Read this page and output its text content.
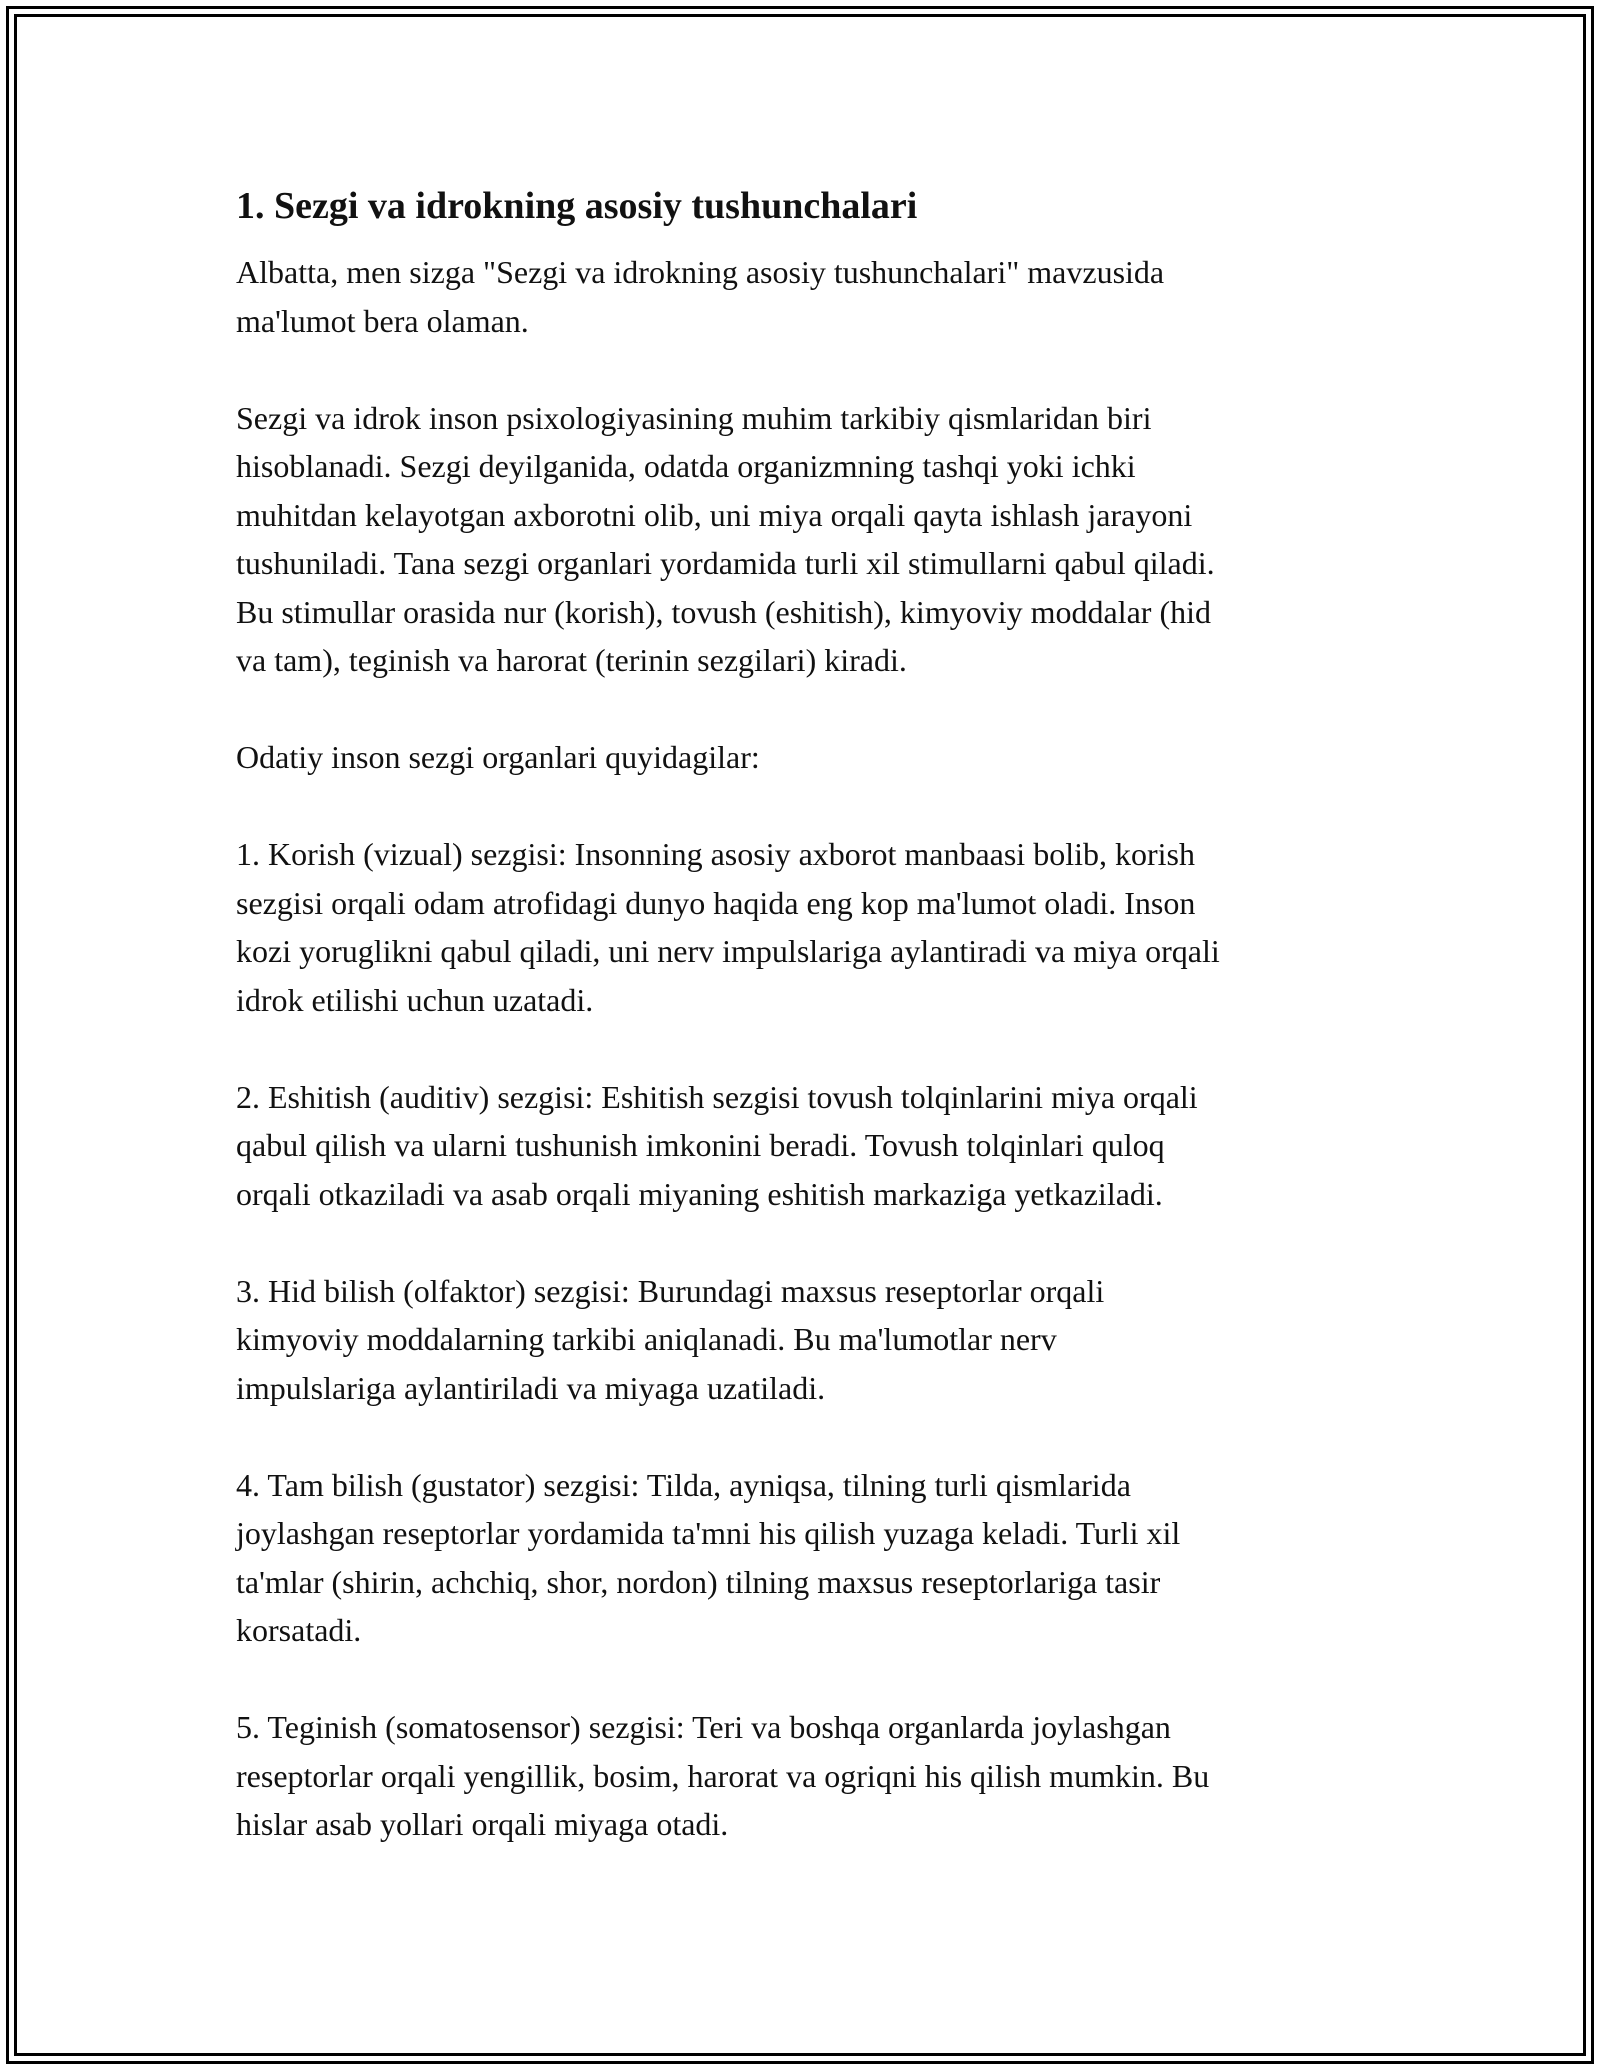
1. Sezgi va idrokning asosiy tushunchalari

Albatta, men sizga "Sezgi va idrokning asosiy tushunchalari" mavzusida
ma'lumot bera olaman.

Sezgi va idrok inson psixologiyasining muhim tarkibiy qismlaridan biri
hisoblanadi. Sezgi deyilganida, odatda organizmning tashqi yoki ichki
muhitdan kelayotgan axborotni olib, uni miya orqali qayta ishlash jarayoni
tushuniladi. Tana sezgi organlari yordamida turli xil stimullarni qabul qiladi.
Bu stimullar orasida nur (korish), tovush (eshitish), kimyoviy moddalar (hid
va tam), teginish va harorat (terinin sezgilari) kiradi.

Odatiy inson sezgi organlari quyidagilar:

1. Korish (vizual) sezgisi: Insonning asosiy axborot manbaasi bolib, korish
sezgisi orqali odam atrofidagi dunyo haqida eng kop ma'lumot oladi. Inson
kozi yoruglikni qabul qiladi, uni nerv impulslariga aylantiradi va miya orqali
idrok etilishi uchun uzatadi.

2. Eshitish (auditiv) sezgisi: Eshitish sezgisi tovush tolqinlarini miya orqali
qabul qilish va ularni tushunish imkonini beradi. Tovush tolqinlari quloq
orqali otkaziladi va asab orqali miyaning eshitish markaziga yetkaziladi.

3. Hid bilish (olfaktor) sezgisi: Burundagi maxsus reseptorlar orqali
kimyoviy moddalarning tarkibi aniqlanadi. Bu ma'lumotlar nerv
impulslariga aylantiriladi va miyaga uzatiladi.

4. Tam bilish (gustator) sezgisi: Tilda, ayniqsa, tilning turli qismlarida
joylashgan reseptorlar yordamida ta'mni his qilish yuzaga keladi. Turli xil
ta'mlar (shirin, achchiq, shor, nordon) tilning maxsus reseptorlariga tasir
korsatadi.

5. Teginish (somatosensor) sezgisi: Teri va boshqa organlarda joylashgan
reseptorlar orqali yengillik, bosim, harorat va ogriqni his qilish mumkin. Bu
hislar asab yollari orqali miyaga otadi.
